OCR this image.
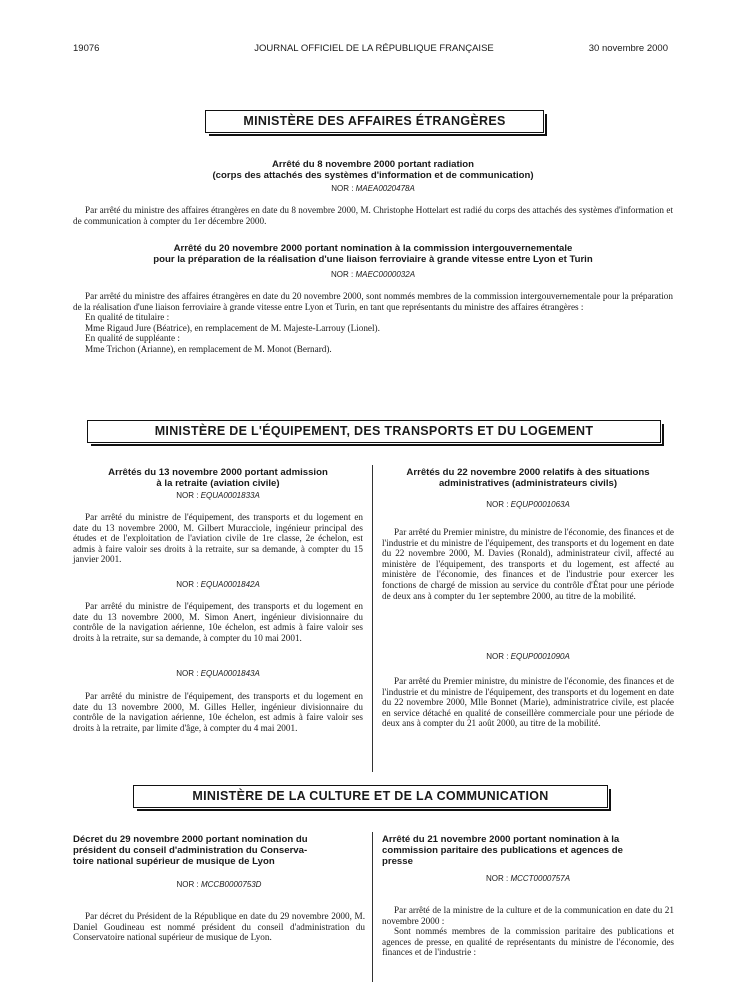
19076	JOURNAL OFFICIEL DE LA RÉPUBLIQUE FRANÇAISE	30 novembre 2000
MINISTÈRE DES AFFAIRES ÉTRANGÈRES
Arrêté du 8 novembre 2000 portant radiation
(corps des attachés des systèmes d'information et de communication)
NOR : MAEA0020478A

Par arrêté du ministre des affaires étrangères en date du 8 novembre 2000, M. Christophe Hottelart est radié du corps des attachés des systèmes d'information et de communication à compter du 1er décembre 2000.

Arrêté du 20 novembre 2000 portant nomination à la commission intergouvernementale
pour la préparation de la réalisation d'une liaison ferroviaire à grande vitesse entre Lyon et Turin
NOR : MAEC0000032A

Par arrêté du ministre des affaires étrangères en date du 20 novembre 2000, sont nommés membres de la commission intergouvernementale pour la préparation de la réalisation d'une liaison ferroviaire à grande vitesse entre Lyon et Turin, en tant que représentants du ministre des affaires étrangères :

En qualité de titulaire :

Mme Rigaud Jure (Béatrice), en remplacement de M. Majeste-Larrouy (Lionel).

En qualité de suppléante :

Mme Trichon (Arianne), en remplacement de M. Monot (Bernard).

MINISTÈRE DE L'ÉQUIPEMENT, DES TRANSPORTS ET DU LOGEMENT
Arrêtés du 13 novembre 2000 portant admission
à la retraite (aviation civile)
NOR : EQUA0001833A

Par arrêté du ministre de l'équipement, des transports et du logement en date du 13 novembre 2000, M. Gilbert Muracciole, ingénieur principal des études et de l'exploitation de l'aviation civile de 1re classe, 2e échelon, est admis à faire valoir ses droits à la retraite, sur sa demande, à compter du 15 janvier 2001.

NOR : EQUA0001842A

Par arrêté du ministre de l'équipement, des transports et du logement en date du 13 novembre 2000, M. Simon Anert, ingénieur divisionnaire du contrôle de la navigation aérienne, 10e échelon, est admis à faire valoir ses droits à la retraite, sur sa demande, à compter du 10 mai 2001.

NOR : EQUA0001843A

Par arrêté du ministre de l'équipement, des transports et du logement en date du 13 novembre 2000, M. Gilles Heller, ingénieur divisionnaire du contrôle de la navigation aérienne, 10e échelon, est admis à faire valoir ses droits à la retraite, par limite d'âge, à compter du 4 mai 2001.

Arrêtés du 22 novembre 2000 relatifs à des situations
administratives (administrateurs civils)
NOR : EQUP0001063A

Par arrêté du Premier ministre, du ministre de l'économie, des finances et de l'industrie et du ministre de l'équipement, des transports et du logement en date du 22 novembre 2000, M. Davies (Ronald), administrateur civil, affecté au ministère de l'équipement, des transports et du logement, est affecté au ministère de l'économie, des finances et de l'industrie pour exercer les fonctions de chargé de mission au service du contrôle d'État pour une période de deux ans à compter du 1er septembre 2000, au titre de la mobilité.

NOR : EQUP0001090A

Par arrêté du Premier ministre, du ministre de l'économie, des finances et de l'industrie et du ministre de l'équipement, des transports et du logement en date du 22 novembre 2000, Mlle Bonnet (Marie), administratrice civile, est placée en service détaché en qualité de conseillère commerciale pour une période de deux ans à compter du 21 août 2000, au titre de la mobilité.

MINISTÈRE DE LA CULTURE ET DE LA COMMUNICATION
Décret du 29 novembre 2000 portant nomination du
président du conseil d'administration du Conserva-
toire national supérieur de musique de Lyon
NOR : MCCB0000753D

Par décret du Président de la République en date du 29 novembre 2000, M. Daniel Goudineau est nommé président du conseil d'administration du Conservatoire national supérieur de musique de Lyon.

Arrêté du 21 novembre 2000 portant nomination à la
commission paritaire des publications et agences de
presse
NOR : MCCT0000757A

Par arrêté de la ministre de la culture et de la communication en date du 21 novembre 2000 :

Sont nommés membres de la commission paritaire des publications et agences de presse, en qualité de représentants du ministre de l'économie, des finances et de l'industrie :
